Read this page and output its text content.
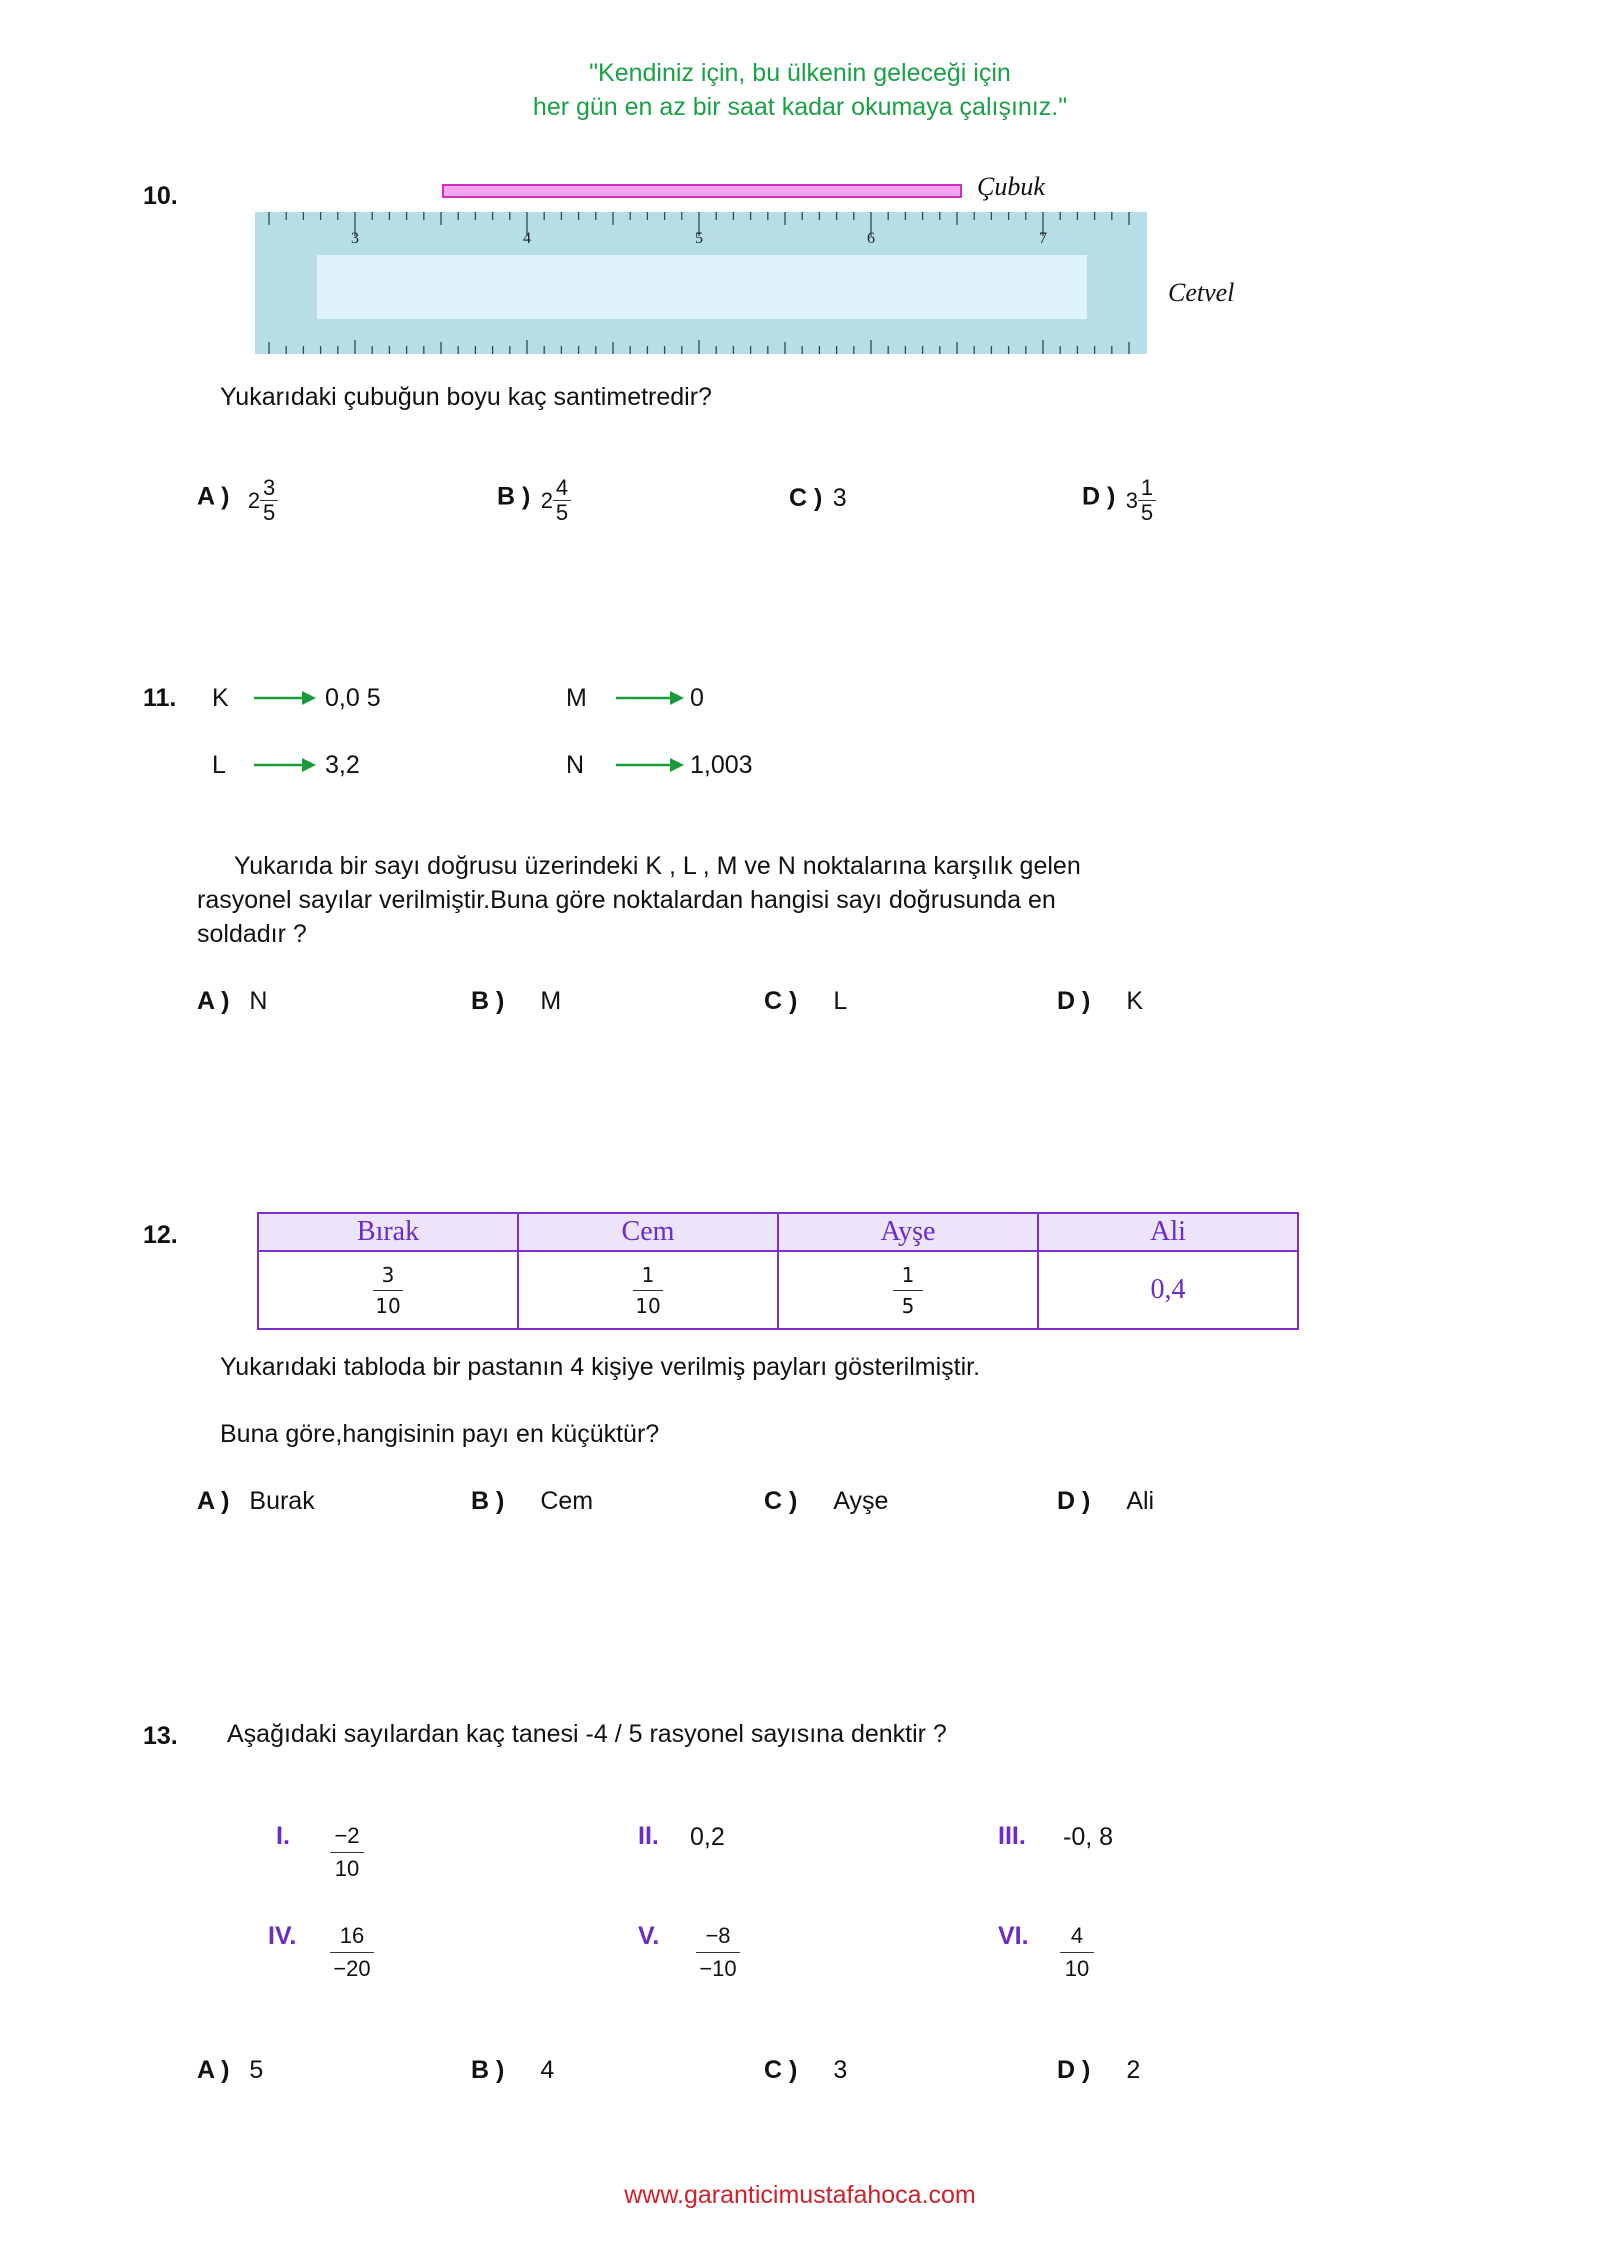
"Kendiniz için, bu ülkenin geleceği için
her gün en az bir saat kadar okumaya çalışınız."
10.
3	4	5	6	7
Çubuk
Cetvel
Yukarıdaki çubuğun boyu kaç santimetredir?
A ) $2 \frac{3}{5}$	B ) $2 \frac{4}{5}$	C ) 3	D ) $3 \frac{1}{5}$
11. K	0,0 5	M	0
L	3,2	N	1,003
Yukarıda bir sayı doğrusu üzerindeki K , L , M ve N noktalarına karşılık gelen
rasyonel sayılar verilmiştir.Buna göre noktalardan hangisi sayı doğrusunda en
soldadır ?
A ) N	B ) M	C ) L	D ) K
12.	Bırak	Cem	Ayşe	Ali

$\frac{3}{10}$	$\frac{1}{10}$	$\frac{1}{5}$	0,4
Yukarıdaki tabloda bir pastanın 4 kişiye verilmiş payları gösterilmiştir.
Buna göre,hangisinin payı en küçüktür?
A ) Burak	B ) Cem	C ) Ayşe	D ) Ali
13. Aşağıdaki sayılardan kaç tanesi -4 / 5 rasyonel sayısına denktir ?
I. $\frac{-2}{10}$	II. 0,2	III. -0, 8
IV. $\frac{16}{-20}$	V. $\frac{-8}{-10}$	VI. $\frac{4}{10}$
A ) 5	B ) 4	C ) 3	D ) 2
www.garanticimustafahoca.com
